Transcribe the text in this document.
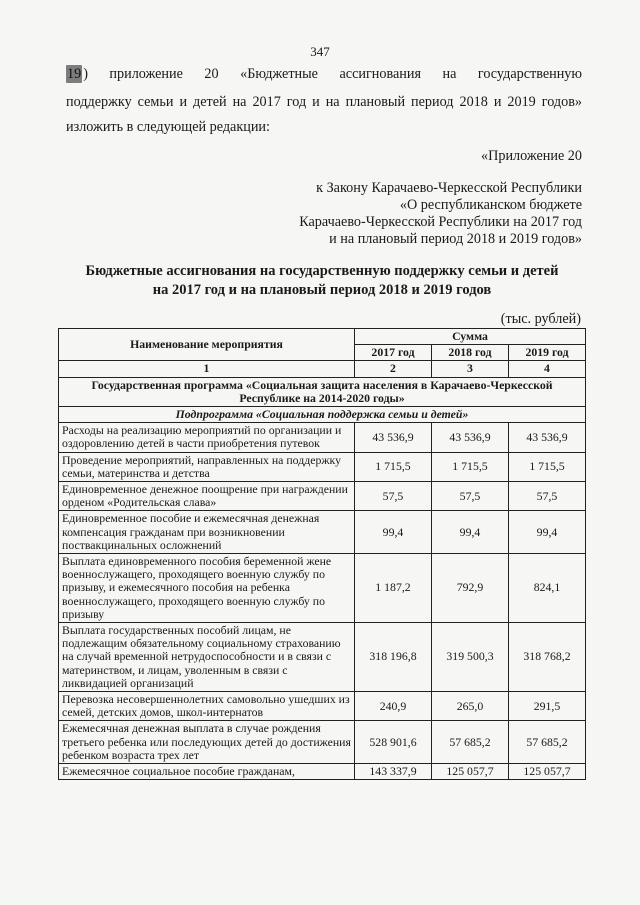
347
19 ) приложение 20 «Бюджетные ассигнования на государственную
поддержку семьи и детей на 2017 год и на плановый период 2018 и 2019 годов»
изложить в следующей редакции:
«Приложение 20
к Закону Карачаево-Черкесской Республики
«О республиканском бюджете
Карачаево-Черкесской Республики на 2017 год
и на плановый период 2018 и 2019 годов»
Бюджетные ассигнования на государственную поддержку семьи и детей
на 2017 год и на плановый период 2018 и 2019 годов
(тыс. рублей)
Наименование мероприятия	Сумма		
	2017 год	2018 год	2019 год
1	2	3	4
Государственная программа «Социальная защита населения в Карачаево-Черкесской Республике на 2014-2020 годы»			
Подпрограмма «Социальная поддержка семьи и детей»			
Расходы на реализацию мероприятий по организации и оздоровлению детей в части приобретения путевок	43 536,9	43 536,9	43 536,9
Проведение мероприятий, направленных на поддержку семьи, материнства и детства	1 715,5	1 715,5	1 715,5
Единовременное денежное поощрение при награждении орденом «Родительская слава»	57,5	57,5	57,5
Единовременное пособие и ежемесячная денежная компенсация гражданам при возникновении поствакцинальных осложнений	99,4	99,4	99,4
Выплата единовременного пособия беременной жене военнослужащего, проходящего военную службу по призыву, и ежемесячного пособия на ребенка военнослужащего, проходящего военную службу по призыву	1 187,2	792,9	824,1
Выплата государственных пособий лицам, не подлежащим обязательному социальному страхованию на случай временной нетрудоспособности и в связи с материнством, и лицам, уволенным в связи с ликвидацией организаций	318 196,8	319 500,3	318 768,2
Перевозка несовершеннолетних самовольно ушедших из семей, детских домов, школ-интернатов	240,9	265,0	291,5
Ежемесячная денежная выплата в случае рождения третьего ребенка или последующих детей до достижения ребенком возраста трех лет	528 901,6	57 685,2	57 685,2
Ежемесячное социальное пособие гражданам,	143 337,9	125 057,7	125 057,7
